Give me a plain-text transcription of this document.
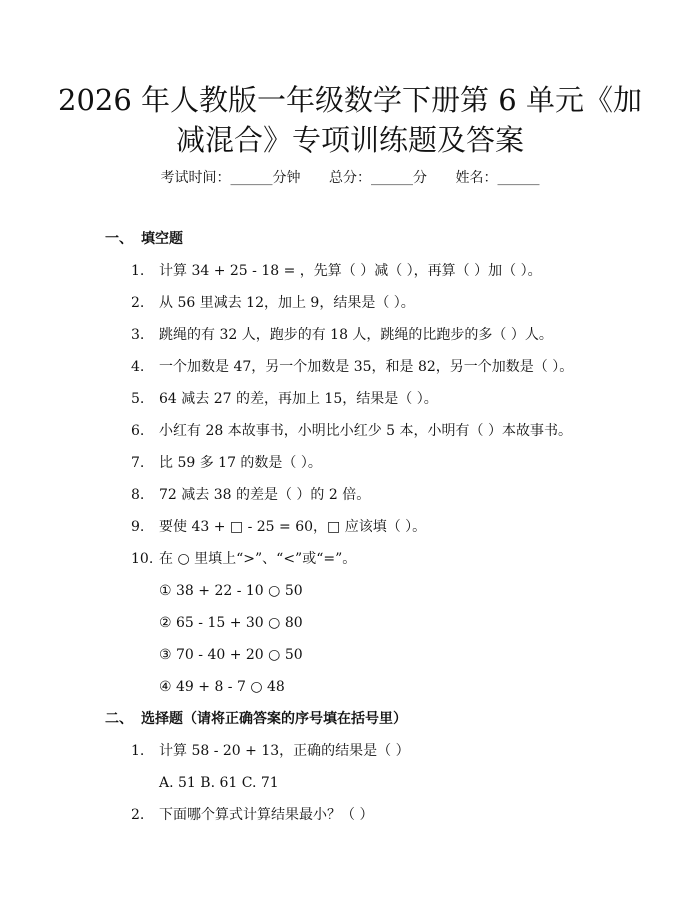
2026 年人教版一年级数学下册第 6 单元《加
减混合》专项训练题及答案
考试时间：______分钟 总分：______分 姓名：______
一、 填空题
1. 计算 34 + 25 - 18 = ，先算（ ）减（ ），再算（ ）加（ ）。
2. 从 56 里减去 12，加上 9，结果是（ ）。
3. 跳绳的有 32 人，跑步的有 18 人，跳绳的比跑步的多（ ）人。
4. 一个加数是 47，另一个加数是 35，和是 82，另一个加数是（ ）。
5. 64 减去 27 的差，再加上 15，结果是（ ）。
6. 小红有 28 本故事书，小明比小红少 5 本，小明有（ ）本故事书。
7. 比 59 多 17 的数是（ ）。
8. 72 减去 38 的差是（ ）的 2 倍。
9. 要使 43 + □ - 25 = 60，□ 应该填（ ）。
10. 在 ○ 里填上“>”、“<”或“=”。
① 38 + 22 - 10 ○ 50
② 65 - 15 + 30 ○ 80
③ 70 - 40 + 20 ○ 50
④ 49 + 8 - 7 ○ 48
二、 选择题（请将正确答案的序号填在括号里）
1. 计算 58 - 20 + 13，正确的结果是（ ）
A. 51 B. 61 C. 71
2. 下面哪个算式计算结果最小？（ ）
